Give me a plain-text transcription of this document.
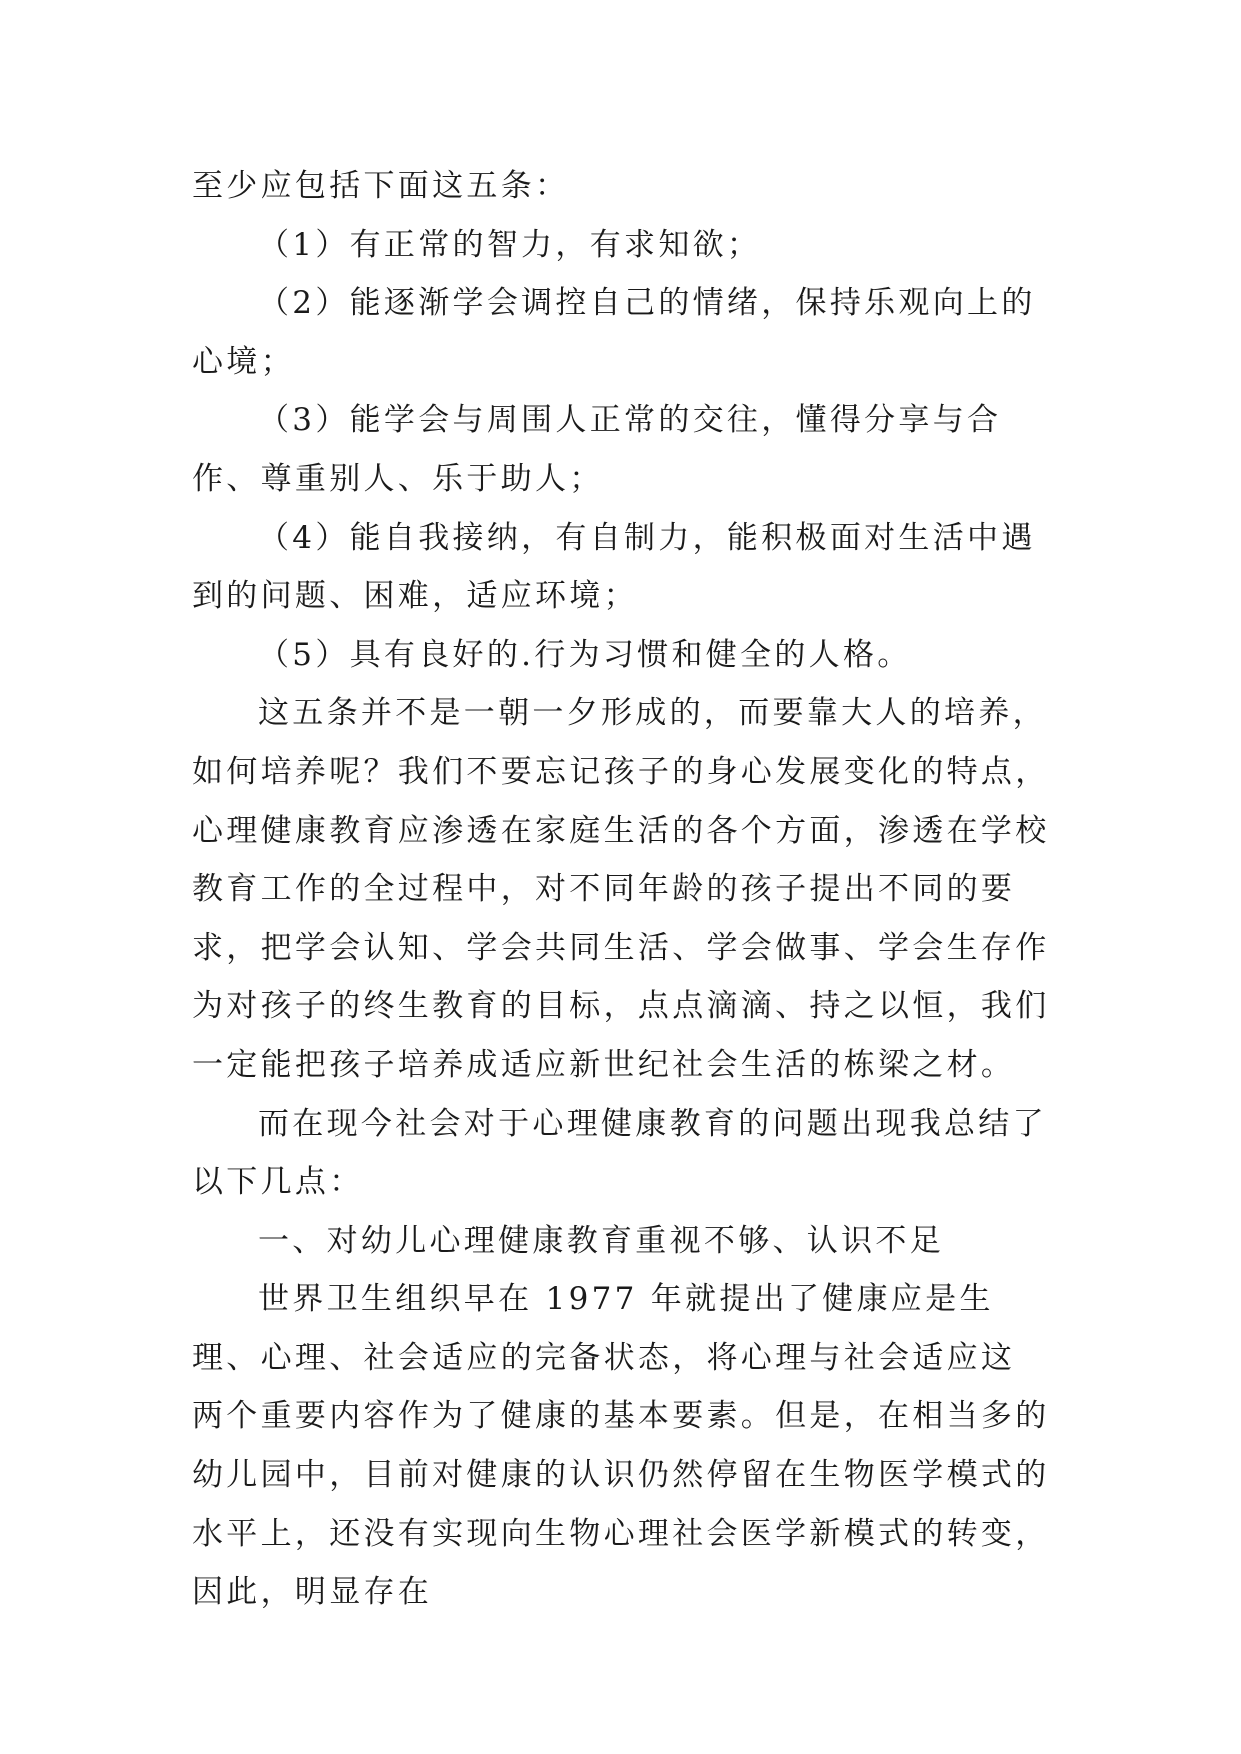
至少应包括下面这五条：

（1）有正常的智力，有求知欲；

（2）能逐渐学会调控自己的情绪，保持乐观向上的心境；

（3）能学会与周围人正常的交往，懂得分享与合作、尊重别人、乐于助人；

（4）能自我接纳，有自制力，能积极面对生活中遇到的问题、困难，适应环境；

（5）具有良好的.行为习惯和健全的人格。

这五条并不是一朝一夕形成的，而要靠大人的培养，如何培养呢？我们不要忘记孩子的身心发展变化的特点，心理健康教育应渗透在家庭生活的各个方面，渗透在学校教育工作的全过程中，对不同年龄的孩子提出不同的要求，把学会认知、学会共同生活、学会做事、学会生存作为对孩子的终生教育的目标，点点滴滴、持之以恒，我们一定能把孩子培养成适应新世纪社会生活的栋梁之材。

而在现今社会对于心理健康教育的问题出现我总结了以下几点：

一、对幼儿心理健康教育重视不够、认识不足

世界卫生组织早在 1977 年就提出了健康应是生理、心理、社会适应的完备状态，将心理与社会适应这 两个重要内容作为了健康的基本要素。但是，在相当多的幼儿园中，目前对健康的认识仍然停留在生物医学模式的水平上，还没有实现向生物心理社会医学新模式的转变，因此，明显存在
